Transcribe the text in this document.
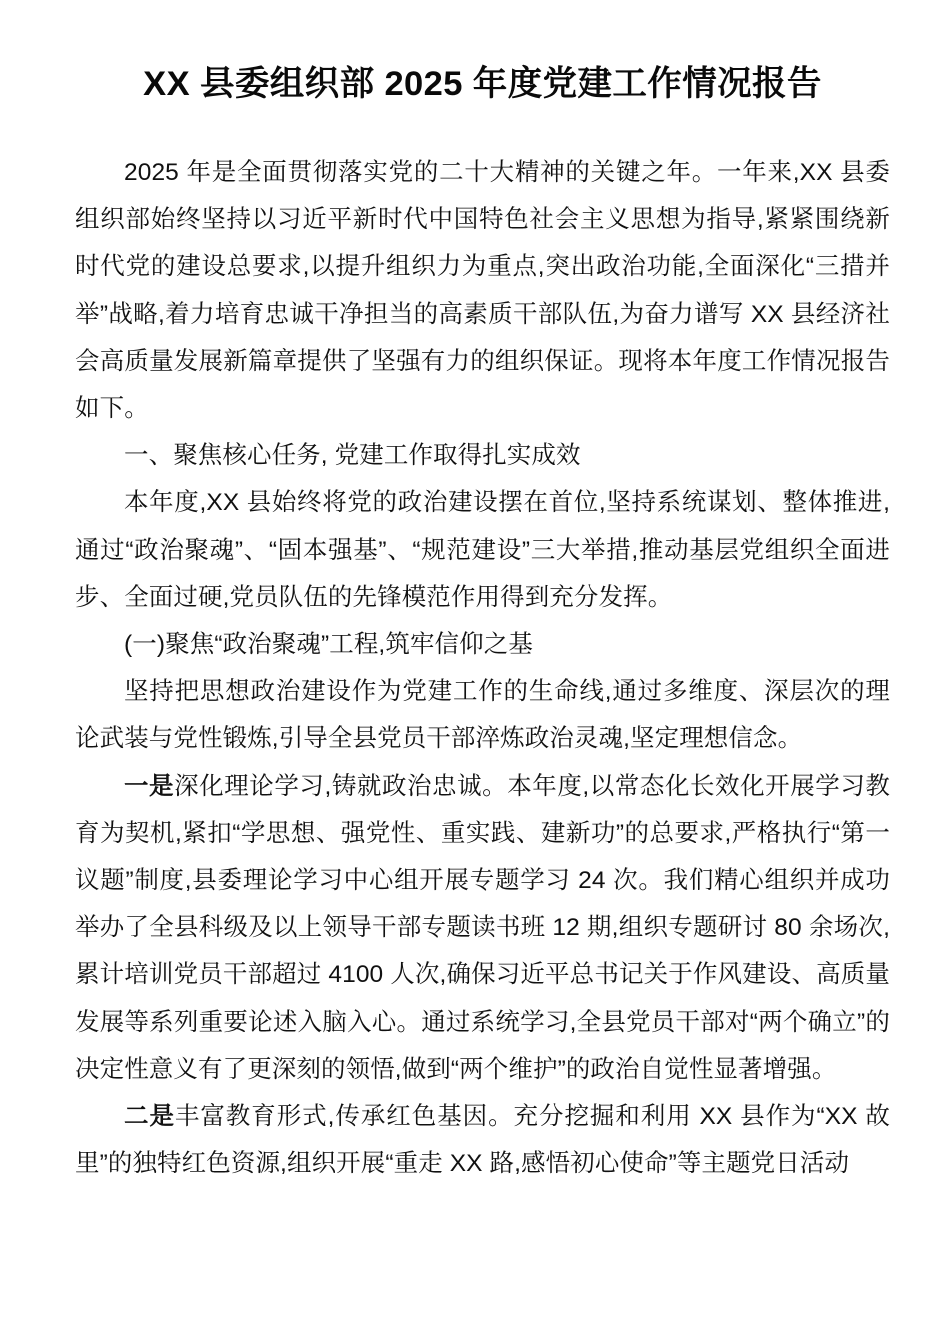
XX 县委组织部 2025 年度党建工作情况报告

2025 年是全面贯彻落实党的二十大精神的关键之年。一年来,XX 县委组织部始终坚持以习近平新时代中国特色社会主义思想为指导,紧紧围绕新时代党的建设总要求,以提升组织力为重点,突出政治功能,全面深化“三措并举”战略,着力培育忠诚干净担当的高素质干部队伍,为奋力谱写 XX 县经济社会高质量发展新篇章提供了坚强有力的组织保证。现将本年度工作情况报告如下。

一、聚焦核心任务, 党建工作取得扎实成效

本年度,XX 县始终将党的政治建设摆在首位,坚持系统谋划、整体推进,通过“政治聚魂”、“固本强基”、“规范建设”三大举措,推动基层党组织全面进步、全面过硬,党员队伍的先锋模范作用得到充分发挥。

(一)聚焦“政治聚魂”工程,筑牢信仰之基

坚持把思想政治建设作为党建工作的生命线,通过多维度、深层次的理论武装与党性锻炼,引导全县党员干部淬炼政治灵魂,坚定理想信念。

一是深化理论学习,铸就政治忠诚。本年度,以常态化长效化开展学习教育为契机,紧扣“学思想、强党性、重实践、建新功”的总要求,严格执行“第一议题”制度,县委理论学习中心组开展专题学习 24 次。我们精心组织并成功举办了全县科级及以上领导干部专题读书班 12 期,组织专题研讨 80 余场次,累计培训党员干部超过 4100 人次,确保习近平总书记关于作风建设、高质量发展等系列重要论述入脑入心。通过系统学习,全县党员干部对“两个确立”的决定性意义有了更深刻的领悟,做到“两个维护”的政治自觉性显著增强。

二是丰富教育形式,传承红色基因。充分挖掘和利用 XX 县作为“XX 故里”的独特红色资源,组织开展“重走 XX 路,感悟初心使命”等主题党日活动
